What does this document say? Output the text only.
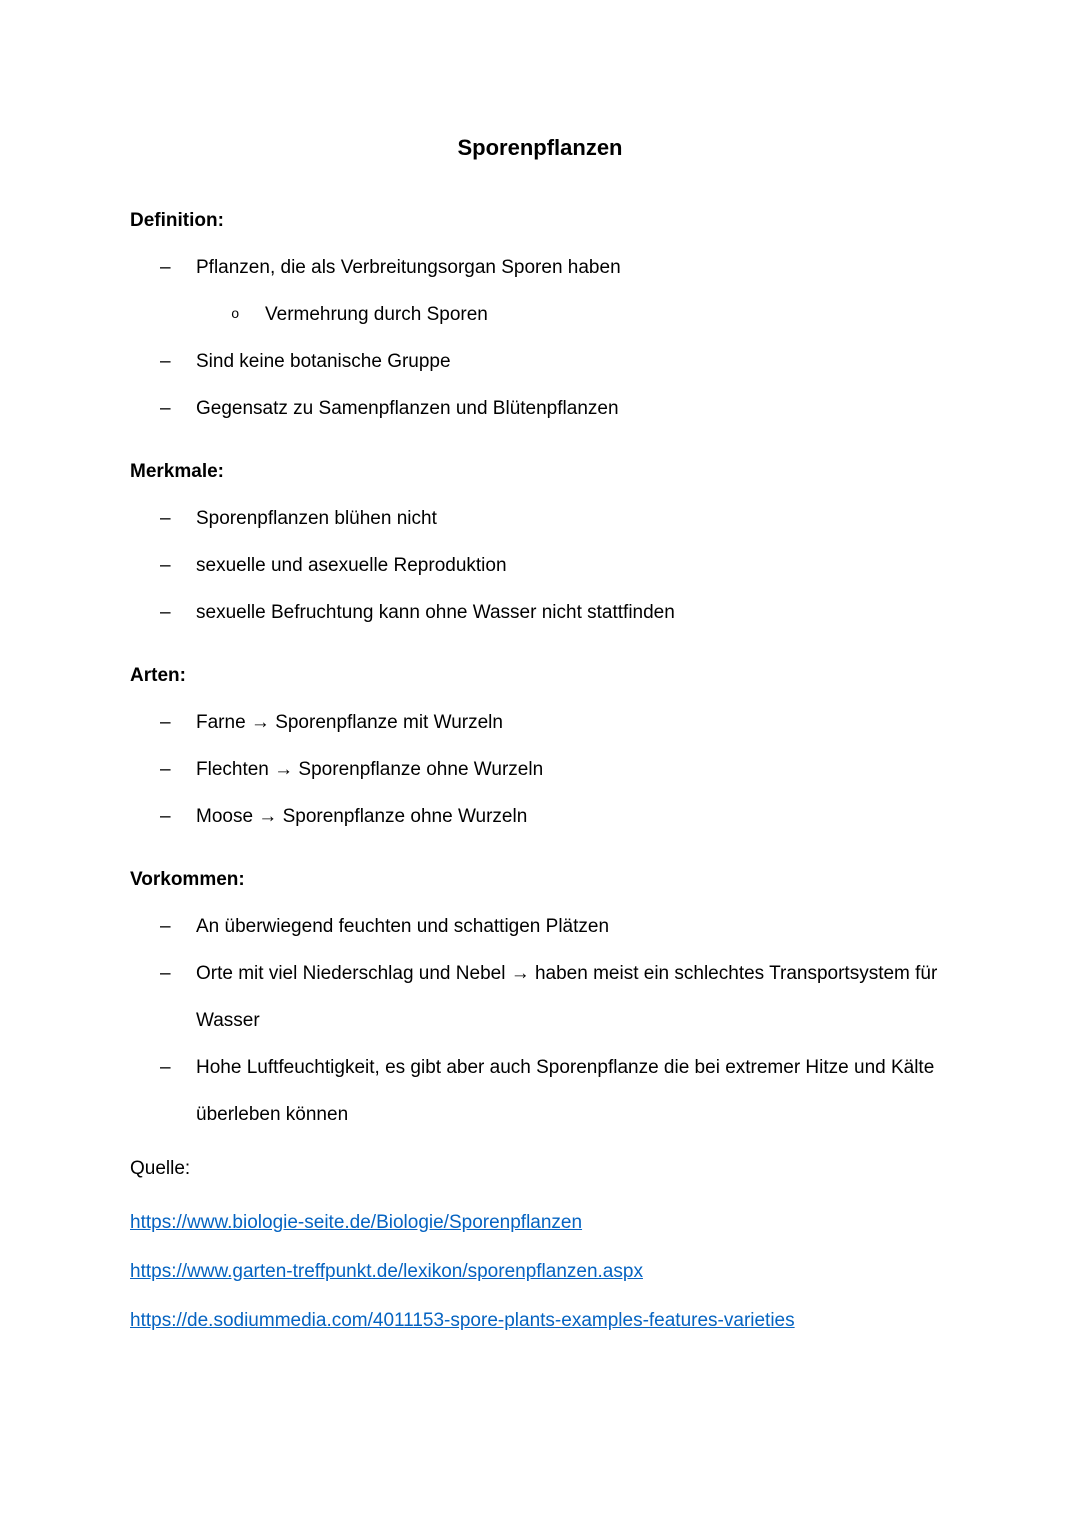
Sporenpflanzen
Definition:
– Pflanzen, die als Verbreitungsorgan Sporen haben
o Vermehrung durch Sporen
– Sind keine botanische Gruppe
– Gegensatz zu Samenpflanzen und Blütenpflanzen
Merkmale:
– Sporenpflanzen blühen nicht
– sexuelle und asexuelle Reproduktion
– sexuelle Befruchtung kann ohne Wasser nicht stattfinden
Arten:
– Farne → Sporenpflanze mit Wurzeln
– Flechten → Sporenpflanze ohne Wurzeln
– Moose → Sporenpflanze ohne Wurzeln
Vorkommen:
– An überwiegend feuchten und schattigen Plätzen
– Orte mit viel Niederschlag und Nebel → haben meist ein schlechtes Transportsystem für Wasser
– Hohe Luftfeuchtigkeit, es gibt aber auch Sporenpflanze die bei extremer Hitze und Kälte überleben können

Quelle:

https://www.biologie-seite.de/Biologie/Sporenpflanzen

https://www.garten-treffpunkt.de/lexikon/sporenpflanzen.aspx

https://de.sodiummedia.com/4011153-spore-plants-examples-features-varieties
